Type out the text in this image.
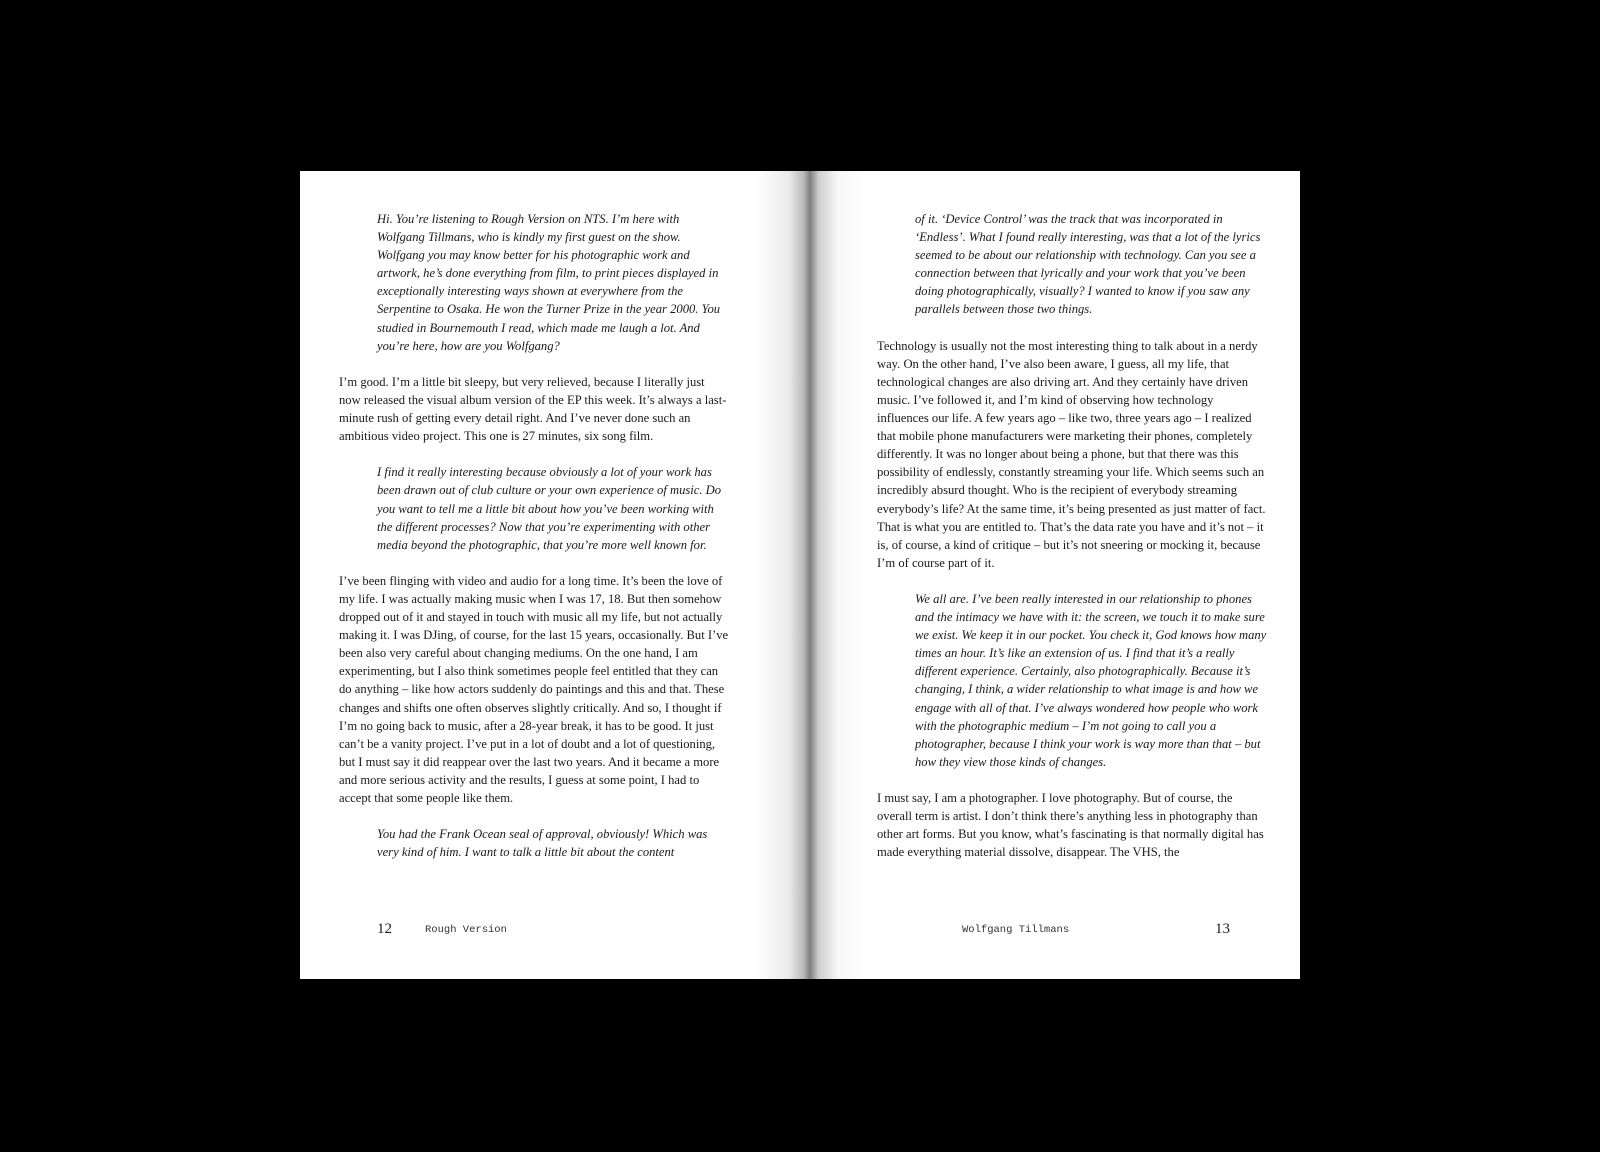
Hi. You’re listening to Rough Version on NTS. I’m here with Wolfgang Tillmans, who is kindly my first guest on the show. Wolfgang you may know better for his photographic work and artwork, he’s done everything from film, to print pieces displayed in exceptionally interesting ways shown at everywhere from the Serpentine to Osaka. He won the Turner Prize in the year 2000. You studied in Bournemouth I read, which made me laugh a lot. And you’re here, how are you Wolfgang?

I’m good. I’m a little bit sleepy, but very relieved, because I literally just now released the visual album version of the EP this week. It’s always a last-minute rush of getting every detail right. And I’ve never done such an ambitious video project. This one is 27 minutes, six song film.

I find it really interesting because obviously a lot of your work has been drawn out of club culture or your own experience of music. Do you want to tell me a little bit about how you’ve been working with the different processes? Now that you’re experimenting with other media beyond the photographic, that you’re more well known for.

I’ve been flinging with video and audio for a long time. It’s been the love of my life. I was actually making music when I was 17, 18. But then somehow dropped out of it and stayed in touch with music all my life, but not actually making it. I was DJing, of course, for the last 15 years, occasionally. But I’ve been also very careful about changing mediums. On the one hand, I am experimenting, but I also think sometimes people feel entitled that they can do anything – like how actors suddenly do paintings and this and that. These changes and shifts one often observes slightly critically. And so, I thought if I’m no going back to music, after a 28-year break, it has to be good. It just can’t be a vanity project. I’ve put in a lot of doubt and a lot of questioning, but I must say it did reappear over the last two years. And it became a more and more serious activity and the results, I guess at some point, I had to accept that some people like them.

You had the Frank Ocean seal of approval, obviously! Which was very kind of him. I want to talk a little bit about the content

12	Rough Version

of it. ‘Device Control’ was the track that was incorporated in ‘Endless’. What I found really interesting, was that a lot of the lyrics seemed to be about our relationship with technology. Can you see a connection between that lyrically and your work that you’ve been doing photographically, visually? I wanted to know if you saw any parallels between those two things.

Technology is usually not the most interesting thing to talk about in a nerdy way. On the other hand, I’ve also been aware, I guess, all my life, that technological changes are also driving art. And they certainly have driven music. I’ve followed it, and I’m kind of observing how technology influences our life. A few years ago – like two, three years ago – I realized that mobile phone manufacturers were marketing their phones, completely differently. It was no longer about being a phone, but that there was this possibility of endlessly, constantly streaming your life. Which seems such an incredibly absurd thought. Who is the recipient of everybody streaming everybody’s life? At the same time, it’s being presented as just matter of fact. That is what you are entitled to. That’s the data rate you have and it’s not – it is, of course, a kind of critique – but it’s not sneering or mocking it, because I’m of course part of it.

We all are. I’ve been really interested in our relationship to phones and the intimacy we have with it: the screen, we touch it to make sure we exist. We keep it in our pocket. You check it, God knows how many times an hour. It’s like an extension of us. I find that it’s a really different experience. Certainly, also photographically. Because it’s changing, I think, a wider relationship to what image is and how we engage with all of that. I’ve always wondered how people who work with the photographic medium – I’m not going to call you a photographer, because I think your work is way more than that – but how they view those kinds of changes.

I must say, I am a photographer. I love photography. But of course, the overall term is artist. I don’t think there’s anything less in photography than other art forms. But you know, what’s fascinating is that normally digital has made everything material dissolve, disappear. The VHS, the

Wolfgang Tillmans	13
